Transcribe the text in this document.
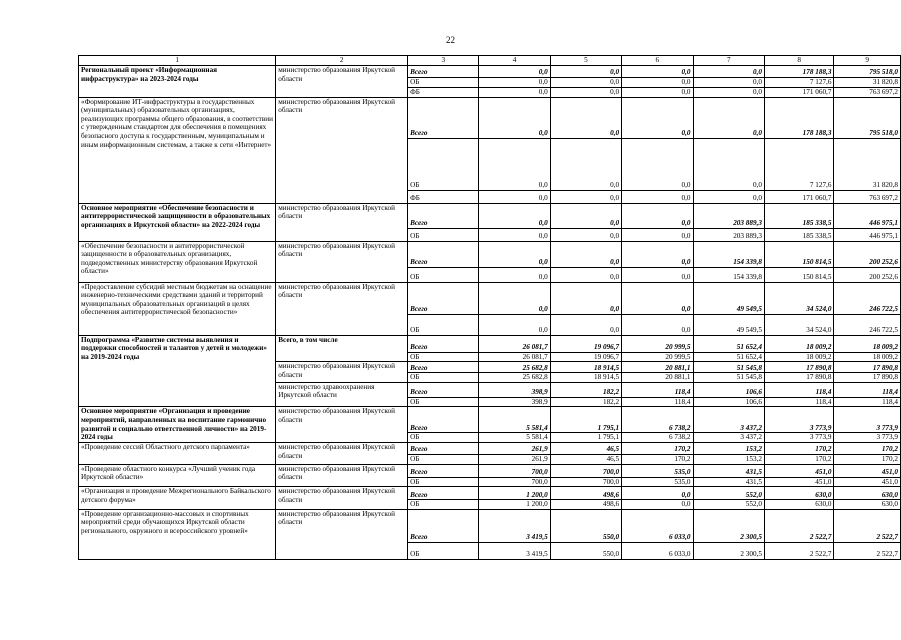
22
1	2	3	4	5	6	7	8	9
Региональный проект «Информационная инфраструктура» на 2023-2024 годы	министерство образования Иркутской области	Всего	0,0	0,0	0,0	0,0	178 188,3	795 518,0
		ОБ	0,0	0,0	0,0	0,0	7 127,6	31 820,8
		ФБ	0,0	0,0	0,0	0,0	171 060,7	763 697,2
«Формирование ИТ-инфраструктуры в государственных (муниципальных) образовательных организациях, реализующих программы общего образования, в соответствии с утвержденным стандартом для обеспечения в помещениях безопасного доступа к государственным, муниципальным и иным информационным системам, а также к сети «Интернет»	министерство образования Иркутской области	Всего	0,0	0,0	0,0	0,0	178 188,3	795 518,0
		ОБ	0,0	0,0	0,0	0,0	7 127,6	31 820,8
		ФБ	0,0	0,0	0,0	0,0	171 060,7	763 697,2
Основное мероприятие «Обеспечение безопасности и антитеррористической защищенности в образовательных организациях в Иркутской области» на 2022-2024 годы	министерство образования Иркутской области	Всего	0,0	0,0	0,0	203 889,3	185 338,5	446 975,1
		ОБ	0,0	0,0	0,0	203 889,3	185 338,5	446 975,1
«Обеспечение безопасности и антитеррористической защищенности в образовательных организациях, подведомственных министерству образования Иркутской области»	министерство образования Иркутской области	Всего	0,0	0,0	0,0	154 339,8	150 814,5	200 252,6
		ОБ	0,0	0,0	0,0	154 339,8	150 814,5	200 252,6
«Предоставление субсидий местным бюджетам на оснащение инженерно-техническими средствами зданий и территорий муниципальных образовательных организаций в целях обеспечения антитеррористической безопасности»	министерство образования Иркутской области	Всего	0,0	0,0	0,0	49 549,5	34 524,0	246 722,5
		ОБ	0,0	0,0	0,0	49 549,5	34 524,0	246 722,5
Подпрограмма «Развитие системы выявления и поддержки способностей и талантов у детей и молодежи» на 2019-2024 годы	Всего, в том числе	Всего	26 081,7	19 096,7	20 999,5	51 652,4	18 009,2	18 009,2
		ОБ	26 081,7	19 096,7	20 999,5	51 652,4	18 009,2	18 009,2
	министерство образования Иркутской области	Всего	25 682,8	18 914,5	20 881,1	51 545,8	17 890,8	17 890,8
		ОБ	25 682,8	18 914,5	20 881,1	51 545,8	17 890,8	17 890,8
	министерство здравоохранения Иркутской области	Всего	398,9	182,2	118,4	106,6	118,4	118,4
		ОБ	398,9	182,2	118,4	106,6	118,4	118,4
Основное мероприятие «Организация и проведение мероприятий, направленных на воспитание гармонично развитой и социально ответственной личности» на 2019-2024 годы	министерство образования Иркутской области	Всего	5 581,4	1 795,1	6 738,2	3 437,2	3 773,9	3 773,9
		ОБ	5 581,4	1 795,1	6 738,2	3 437,2	3 773,9	3 773,9
«Проведение сессий Областного детского парламента»	министерство образования Иркутской области	Всего	261,9	46,5	170,2	153,2	170,2	170,2
		ОБ	261,9	46,5	170,2	153,2	170,2	170,2
«Проведение областного конкурса «Лучший ученик года Иркутской области»	министерство образования Иркутской области	Всего	700,0	700,0	535,0	431,5	451,0	451,0
		ОБ	700,0	700,0	535,0	431,5	451,0	451,0
«Организация и проведение Межрегионального Байкальского детского форума»	министерство образования Иркутской области	Всего	1 200,0	498,6	0,0	552,0	630,0	630,0
		ОБ	1 200,0	498,6	0,0	552,0	630,0	630,0
«Проведение организационно-массовых и спортивных мероприятий среди обучающихся Иркутской области регионального, окружного и всероссийского уровней»	министерство образования Иркутской области	Всего	3 419,5	550,0	6 033,0	2 300,5	2 522,7	2 522,7
		ОБ	3 419,5	550,0	6 033,0	2 300,5	2 522,7	2 522,7
